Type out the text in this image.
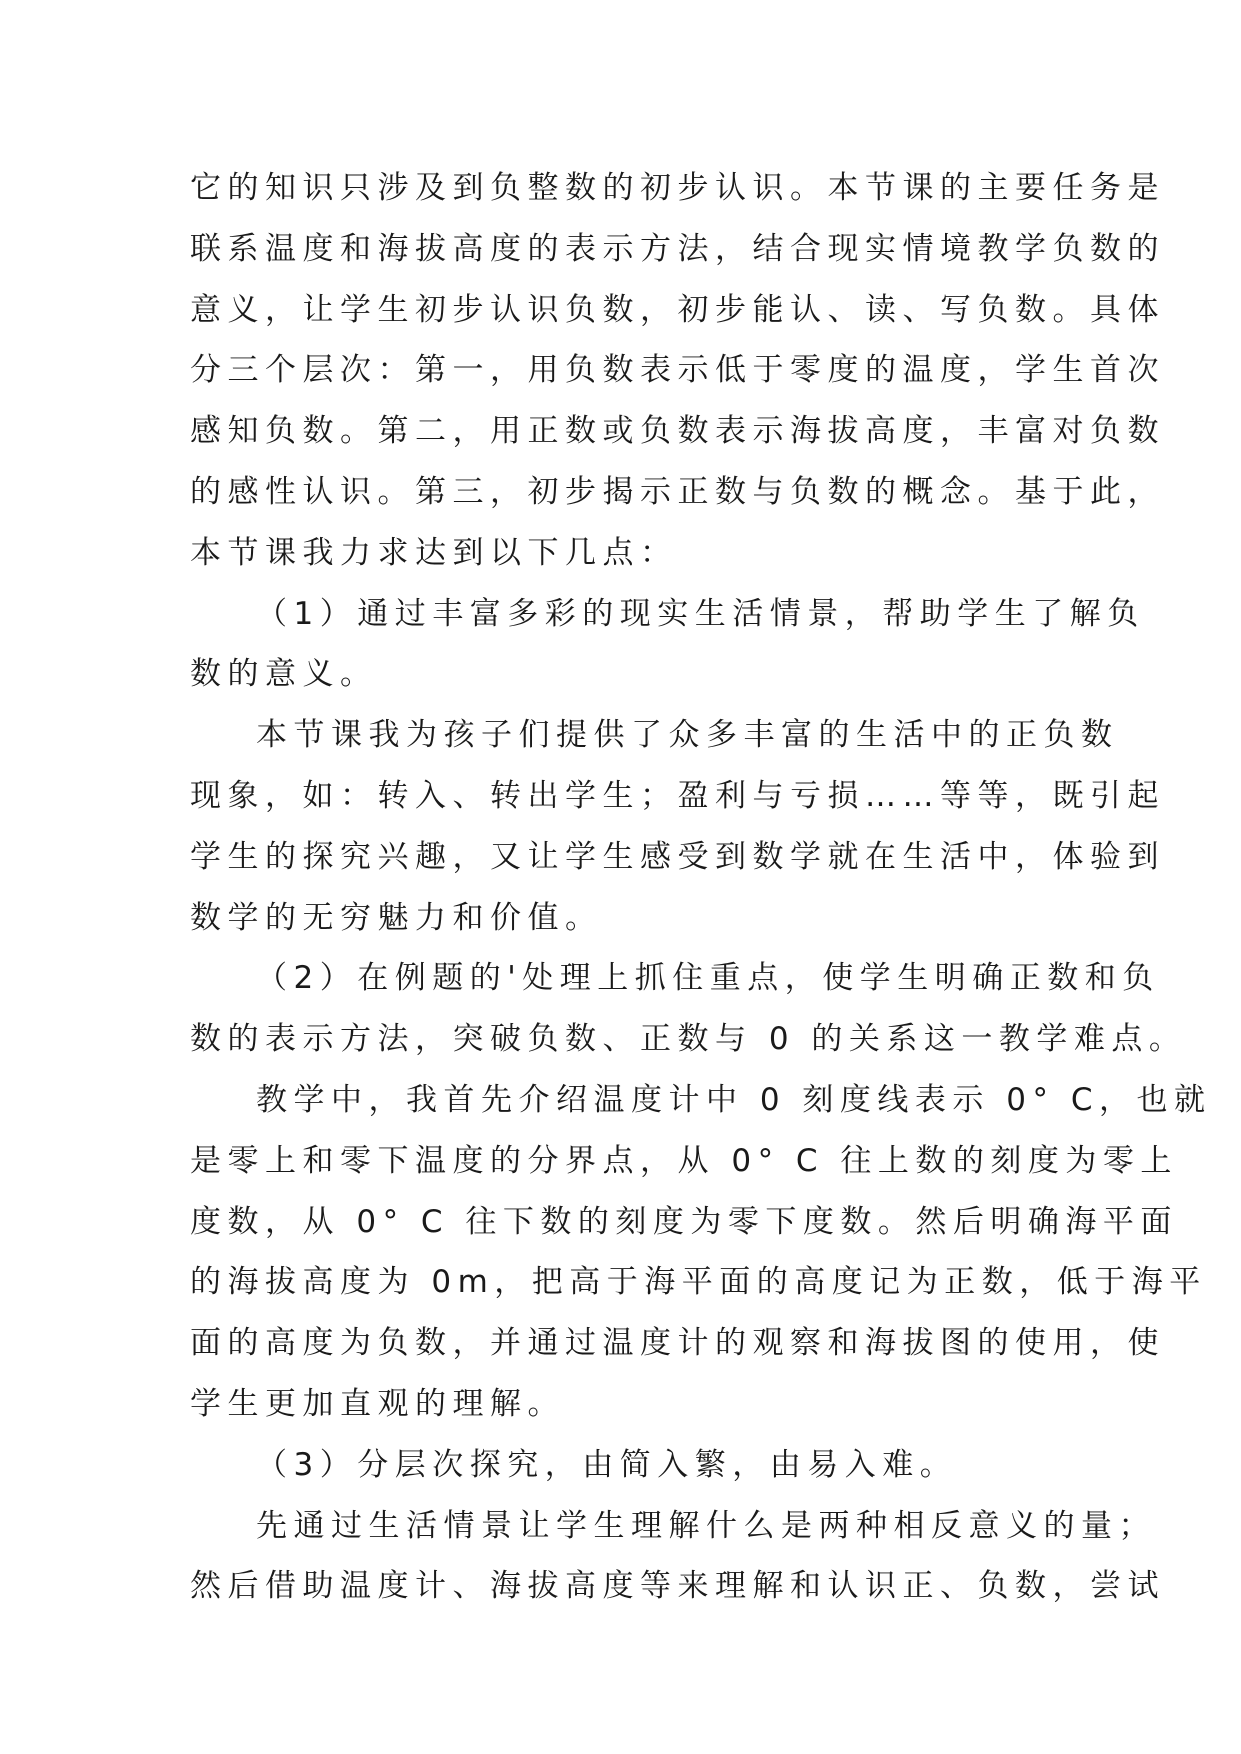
它的知识只涉及到负整数的初步认识。本节课的主要任务是
联系温度和海拔高度的表示方法，结合现实情境教学负数的
意义，让学生初步认识负数，初步能认、读、写负数。具体
分三个层次：第一，用负数表示低于零度的温度，学生首次
感知负数。第二，用正数或负数表示海拔高度，丰富对负数
的感性认识。第三，初步揭示正数与负数的概念。基于此，
本节课我力求达到以下几点：
（1）通过丰富多彩的现实生活情景，帮助学生了解负
数的意义。
本节课我为孩子们提供了众多丰富的生活中的正负数
现象，如：转入、转出学生；盈利与亏损……等等，既引起
学生的探究兴趣，又让学生感受到数学就在生活中，体验到
数学的无穷魅力和价值。
（2）在例题的'处理上抓住重点，使学生明确正数和负
数的表示方法，突破负数、正数与 0 的关系这一教学难点。
教学中，我首先介绍温度计中 0 刻度线表示 0° C，也就
是零上和零下温度的分界点，从 0° C 往上数的刻度为零上
度数，从 0° C 往下数的刻度为零下度数。然后明确海平面
的海拔高度为 0m，把高于海平面的高度记为正数，低于海平
面的高度为负数，并通过温度计的观察和海拔图的使用，使
学生更加直观的理解。
（3）分层次探究，由简入繁，由易入难。
先通过生活情景让学生理解什么是两种相反意义的量；
然后借助温度计、海拔高度等来理解和认识正、负数，尝试
